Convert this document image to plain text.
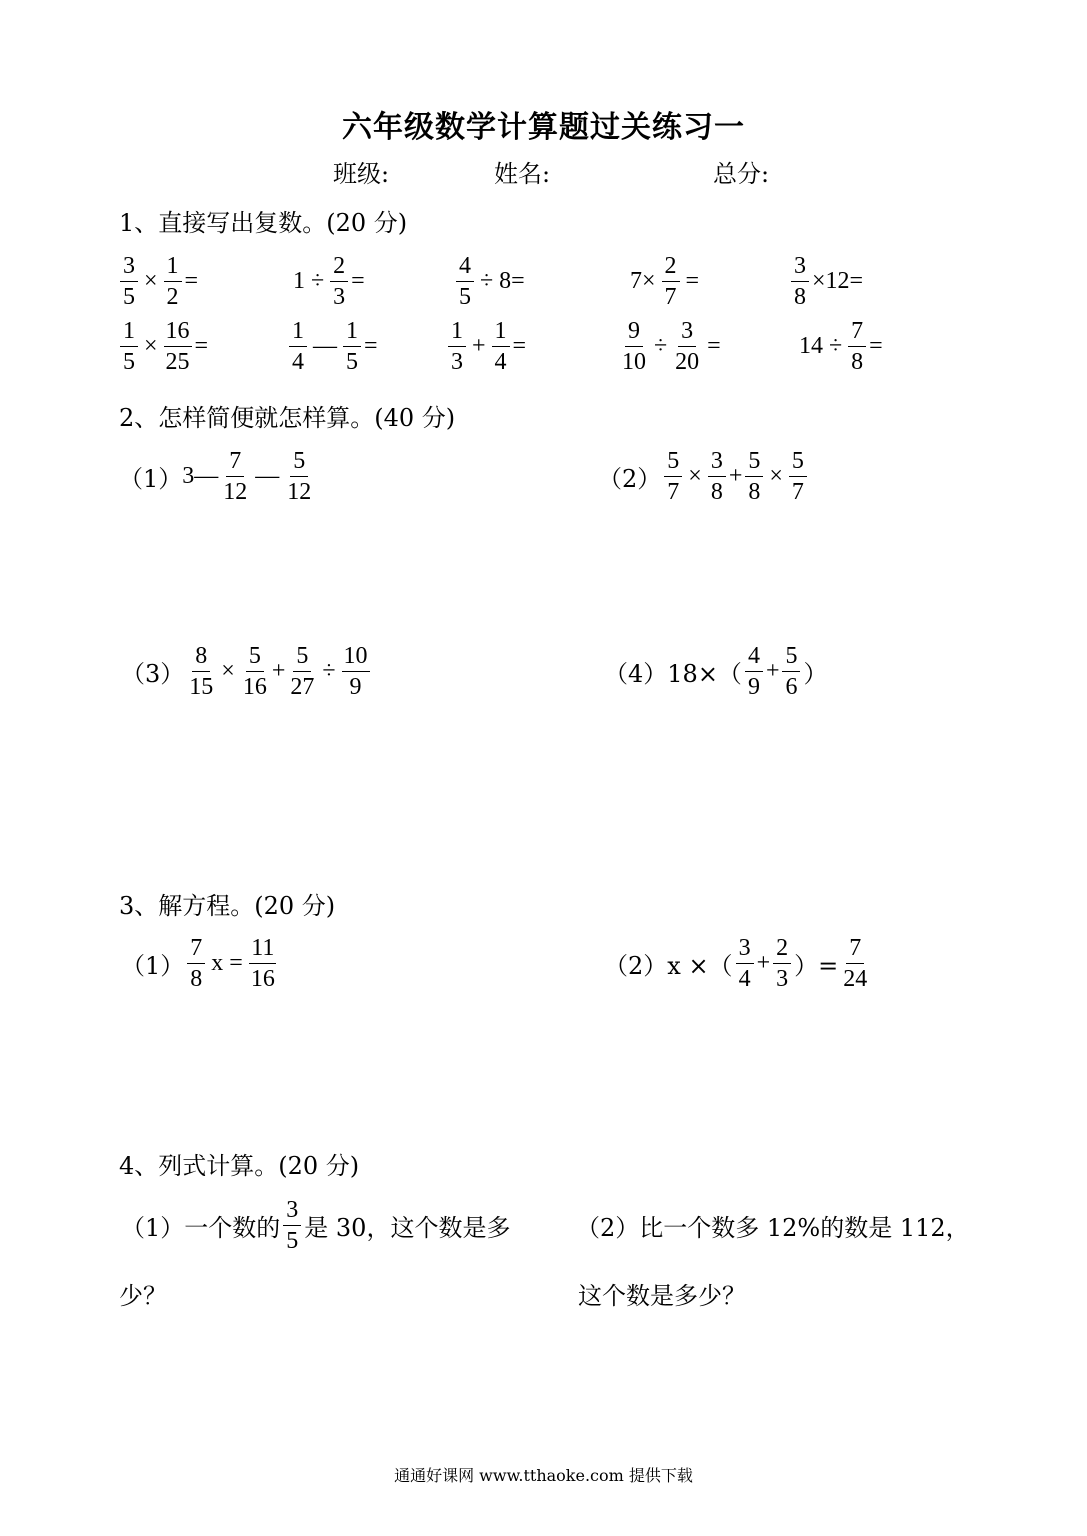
六年级数学计算题过关练习一
班级:	姓名:	总分:
1、直接写出复数。(20 分)
$\frac{3}{5} \times \frac{1}{2}$ =	$1 \div \frac{2}{3}$ =	$\frac{4}{5} \div 8=$	$7\times \frac{2}{7}$ =	$\frac{3}{8} \times 12=$
$\frac{1}{5} \times \frac{16}{25}$ =	$\frac{1}{4}$ — $\frac{1}{5}$ =	$\frac{1}{3} + \frac{1}{4}$ =	$\frac{9}{10} \div \frac{3}{20}$ =	$14 \div \frac{7}{8}$ =
2、怎样简便就怎样算。(40 分)
（1） 3— $\frac{7}{12}$ — $\frac{5}{12}$	$(2) \frac{5}{7} \times \frac{3}{8} + \frac{5}{8} \times \frac{5}{7}$
$(3) \frac{8}{15} \times \frac{5}{16} + \frac{5}{27} \div \frac{10}{9}$	（4） $18\times( \frac{4}{9} + \frac{5}{6}$ ）
3、解方程。(20 分)
$(1) \frac{7}{8}$ $x = \frac{11}{16}$	（2） x ×（ $\frac{3}{4} + \frac{2}{3}$ ）= $\frac{7}{24}$
4、列式计算。(20 分)
（1）一个数的 $\frac{3}{5}$ 是 30，这个数是多
少？
（2）比一个数多 12%的数是 112，
这个数是多少？
通通好课网 www.tthaoke.com 提供下载
